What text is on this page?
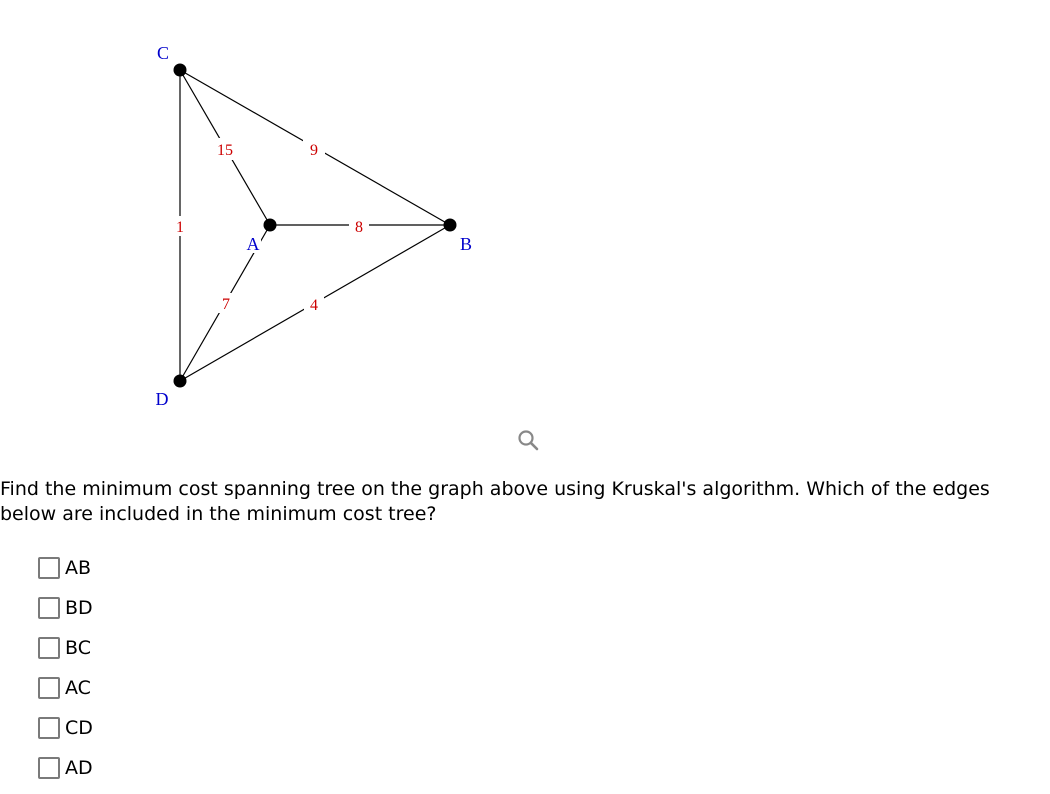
9
15
1	8
7	4
C
B
A
D

Find the minimum cost spanning tree on the graph above using Kruskal's algorithm. Which of the edges below are included in the minimum cost tree?

AB
BD
BC
AC
CD
AD
